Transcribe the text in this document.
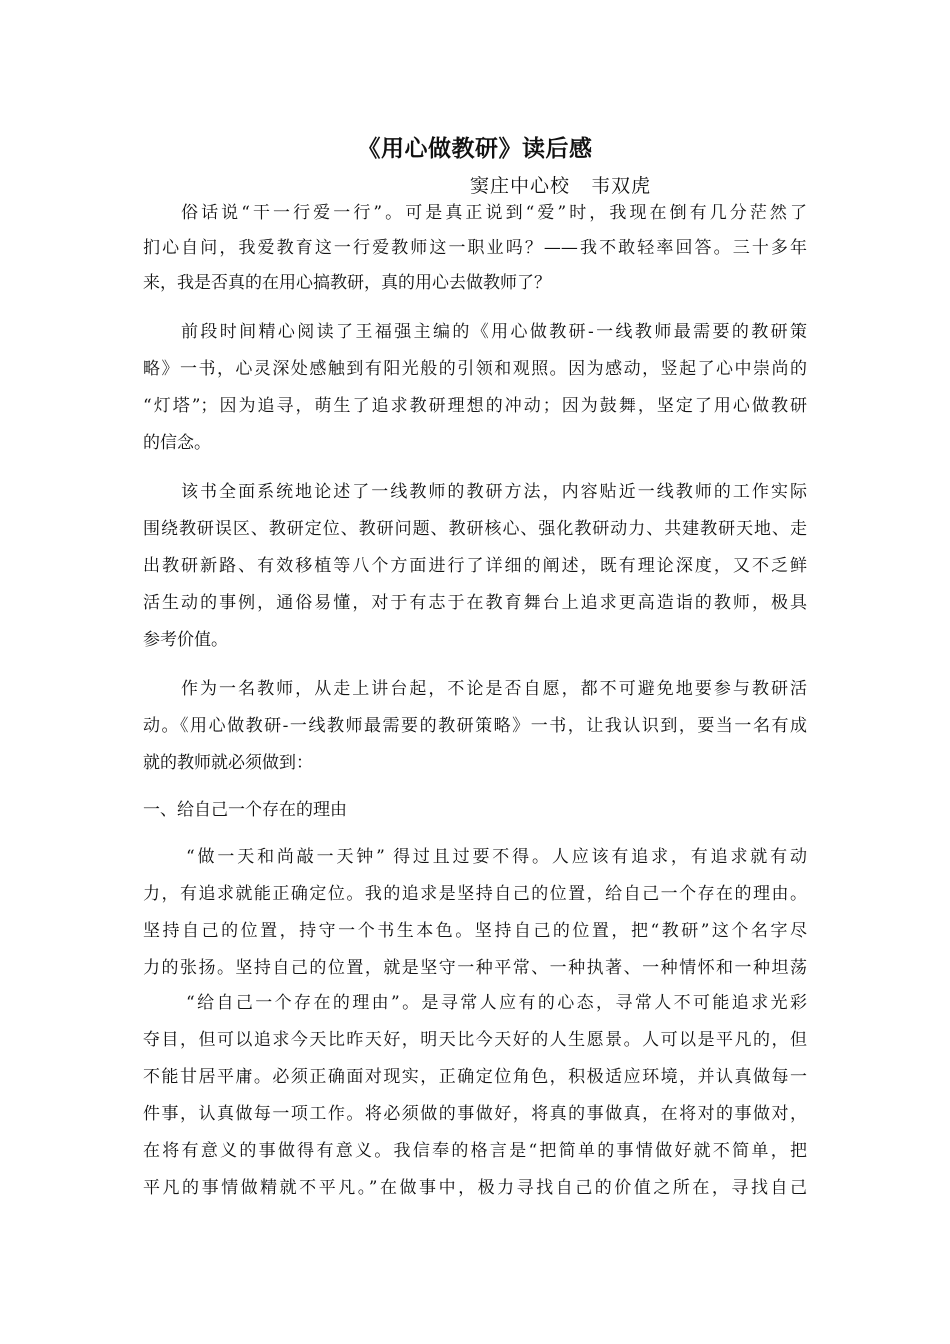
《用心做教研》读后感
窦庄中心校   韦双虎
俗话说“干一行爱一行”。可是真正说到“爱”时，我现在倒有几分茫然了
扪心自问，我爱教育这一行爱教师这一职业吗？——我不敢轻率回答。三十多年
来，我是否真的在用心搞教研，真的用心去做教师了？
前段时间精心阅读了王福强主编的《用心做教研-一线教师最需要的教研策
略》一书，心灵深处感触到有阳光般的引领和观照。因为感动，竖起了心中崇尚的
“灯塔”；因为追寻，萌生了追求教研理想的冲动；因为鼓舞，坚定了用心做教研
的信念。
该书全面系统地论述了一线教师的教研方法，内容贴近一线教师的工作实际
围绕教研误区、教研定位、教研问题、教研核心、强化教研动力、共建教研天地、走
出教研新路、有效移植等八个方面进行了详细的阐述，既有理论深度，又不乏鲜
活生动的事例，通俗易懂，对于有志于在教育舞台上追求更高造诣的教师，极具
参考价值。
作为一名教师，从走上讲台起，不论是否自愿，都不可避免地要参与教研活
动。《用心做教研-一线教师最需要的教研策略》一书，让我认识到，要当一名有成
就的教师就必须做到：
一、给自己一个存在的理由
“做一天和尚敲一天钟” 得过且过要不得。人应该有追求，有追求就有动
力，有追求就能正确定位。我的追求是坚持自己的位置，给自己一个存在的理由。
坚持自己的位置，持守一个书生本色。坚持自己的位置，把“教研”这个名字尽
力的张扬。坚持自己的位置，就是坚守一种平常、一种执著、一种情怀和一种坦荡
“给自己一个存在的理由”。是寻常人应有的心态，寻常人不可能追求光彩
夺目，但可以追求今天比昨天好，明天比今天好的人生愿景。人可以是平凡的，但
不能甘居平庸。必须正确面对现实，正确定位角色，积极适应环境，并认真做每一
件事，认真做每一项工作。将必须做的事做好，将真的事做真，在将对的事做对，
在将有意义的事做得有意义。我信奉的格言是“把简单的事情做好就不简单，把
平凡的事情做精就不平凡。”在做事中，极力寻找自己的价值之所在，寻找自己
